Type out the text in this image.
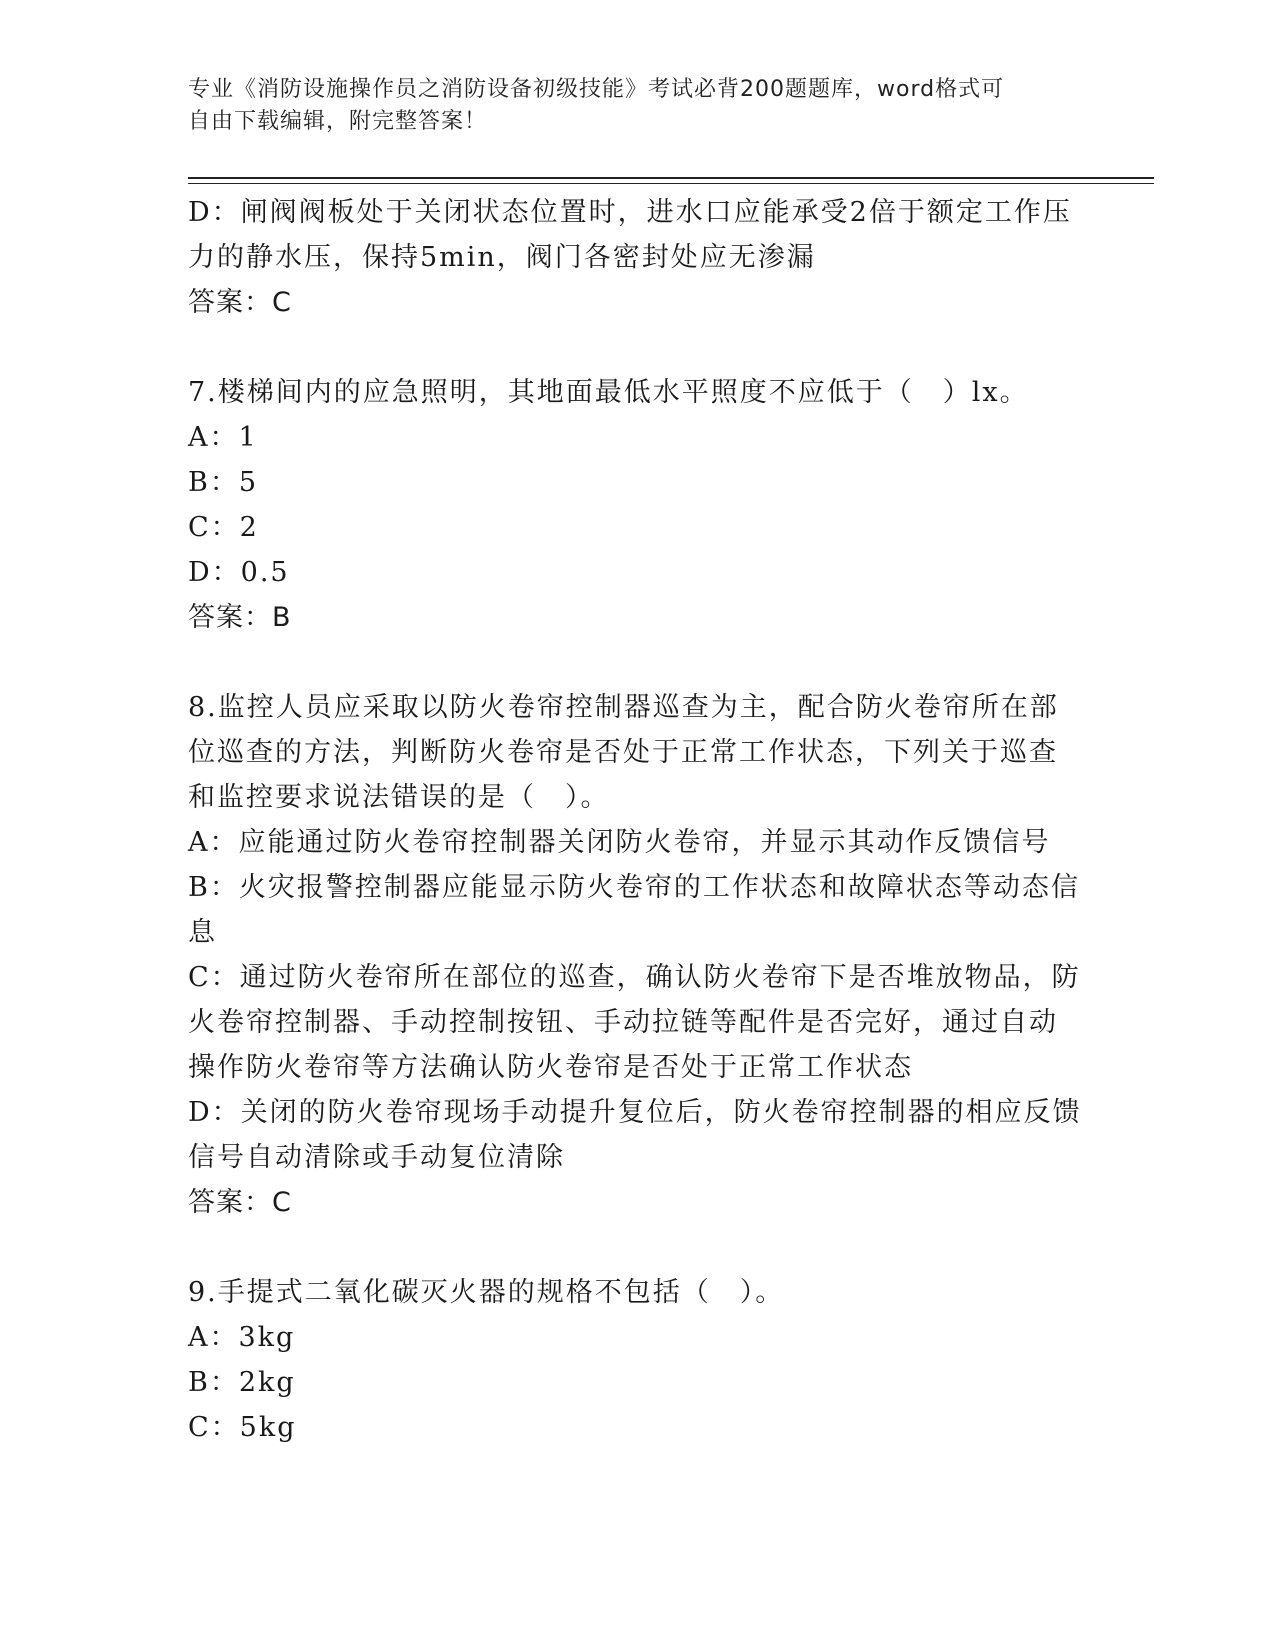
专业《消防设施操作员之消防设备初级技能》考试必背200题题库，word格式可
自由下载编辑，附完整答案！
D：闸阀阀板处于关闭状态位置时，进水口应能承受2倍于额定工作压
力的静水压，保持5min，阀门各密封处应无渗漏
答案：C
7.楼梯间内的应急照明，其地面最低水平照度不应低于（　）lx。
A：1
B：5
C：2
D：0.5
答案：B
8.监控人员应采取以防火卷帘控制器巡查为主，配合防火卷帘所在部
位巡查的方法，判断防火卷帘是否处于正常工作状态，下列关于巡查
和监控要求说法错误的是（　）。
A：应能通过防火卷帘控制器关闭防火卷帘，并显示其动作反馈信号
B：火灾报警控制器应能显示防火卷帘的工作状态和故障状态等动态信
息
C：通过防火卷帘所在部位的巡查，确认防火卷帘下是否堆放物品，防
火卷帘控制器、手动控制按钮、手动拉链等配件是否完好，通过自动
操作防火卷帘等方法确认防火卷帘是否处于正常工作状态
D：关闭的防火卷帘现场手动提升复位后，防火卷帘控制器的相应反馈
信号自动清除或手动复位清除
答案：C
9.手提式二氧化碳灭火器的规格不包括（　）。
A：3kg
B：2kg
C：5kg
